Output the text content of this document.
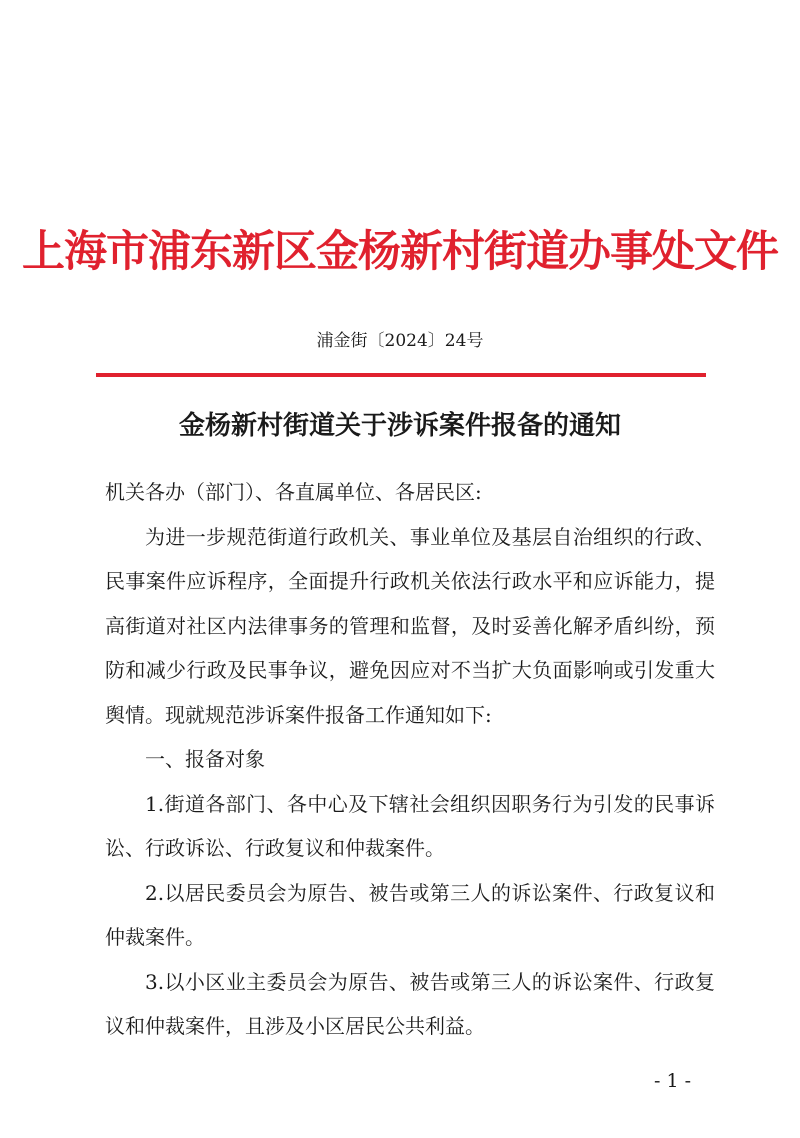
上海市浦东新区金杨新村街道办事处文件
浦金街〔2024〕24号
金杨新村街道关于涉诉案件报备的通知

机关各办（部门）、各直属单位、各居民区:

为进一步规范街道行政机关、事业单位及基层自治组织的行政、民事案件应诉程序，全面提升行政机关依法行政水平和应诉能力，提高街道对社区内法律事务的管理和监督，及时妥善化解矛盾纠纷，预防和减少行政及民事争议，避免因应对不当扩大负面影响或引发重大舆情。现就规范涉诉案件报备工作通知如下:

一、报备对象

1.街道各部门、各中心及下辖社会组织因职务行为引发的民事诉讼、行政诉讼、行政复议和仲裁案件。

2.以居民委员会为原告、被告或第三人的诉讼案件、行政复议和仲裁案件。

3.以小区业主委员会为原告、被告或第三人的诉讼案件、行政复议和仲裁案件，且涉及小区居民公共利益。

- 1 -
